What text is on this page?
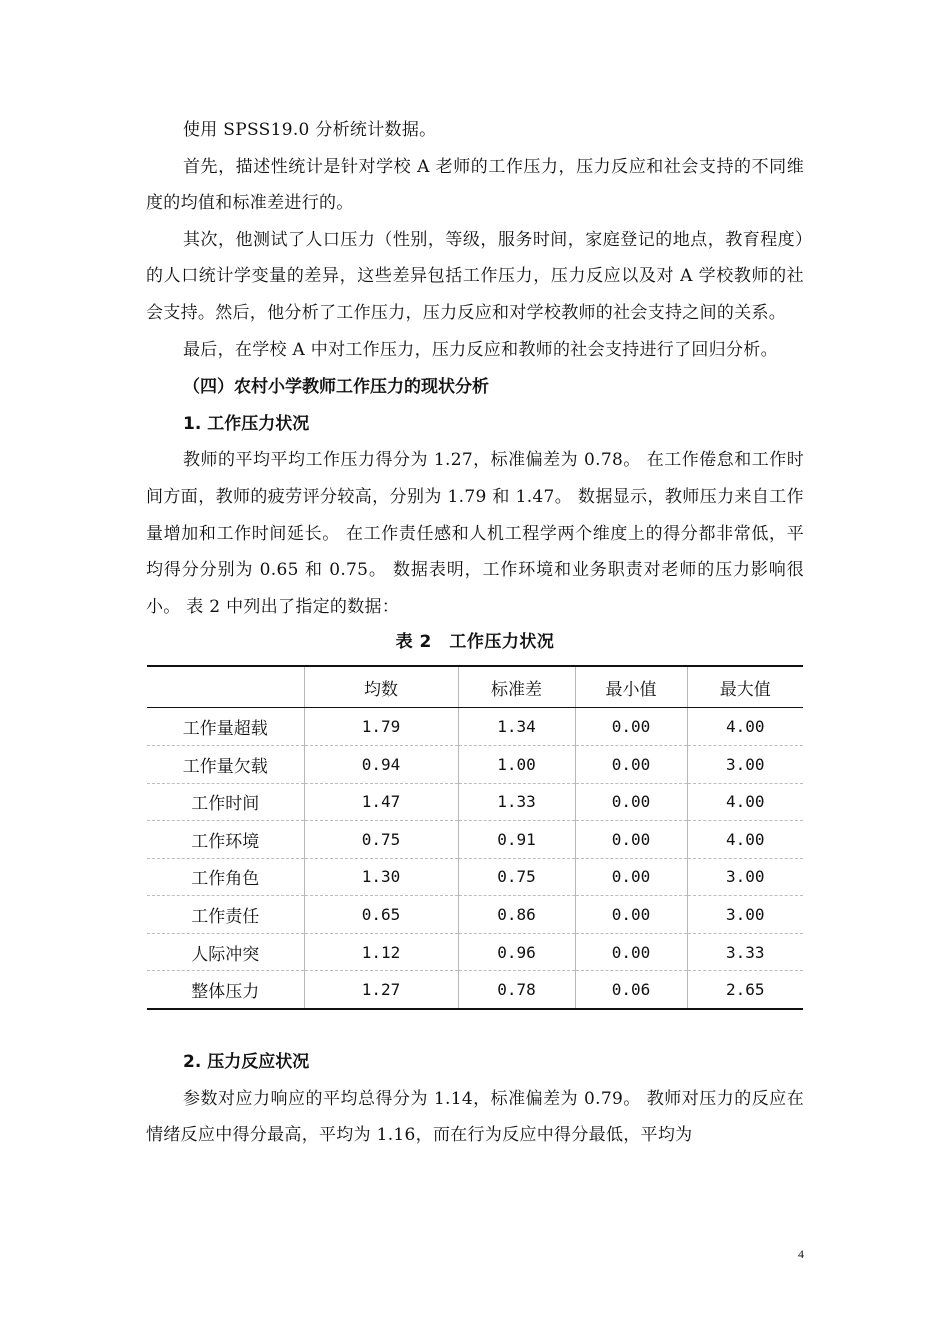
使用 SPSS19.0 分析统计数据。

首先，描述性统计是针对学校 A 老师的工作压力，压力反应和社会支持的不同维度的均值和标准差进行的。

其次，他测试了人口压力（性别，等级，服务时间，家庭登记的地点，教育程度）的人口统计学变量的差异，这些差异包括工作压力，压力反应以及对 A 学校教师的社会支持。然后，他分析了工作压力，压力反应和对学校教师的社会支持之间的关系。

最后，在学校 A 中对工作压力，压力反应和教师的社会支持进行了回归分析。

（四）农村小学教师工作压力的现状分析
1. 工作压力状况

教师的平均平均工作压力得分为 1.27，标准偏差为 0.78。 在工作倦怠和工作时间方面，教师的疲劳评分较高，分别为 1.79 和 1.47。 数据显示，教师压力来自工作量增加和工作时间延长。 在工作责任感和人机工程学两个维度上的得分都非常低，平均得分分别为 0.65 和 0.75。 数据表明，工作环境和业务职责对老师的压力影响很小。 表 2 中列出了指定的数据：

表 2　工作压力状况
	均数	标准差	最小值	最大值
工作量超载	1.79	1.34	0.00	4.00
工作量欠载	0.94	1.00	0.00	3.00
工作时间	1.47	1.33	0.00	4.00
工作环境	0.75	0.91	0.00	4.00
工作角色	1.30	0.75	0.00	3.00
工作责任	0.65	0.86	0.00	3.00
人际冲突	1.12	0.96	0.00	3.33
整体压力	1.27	0.78	0.06	2.65
2. 压力反应状况

参数对应力响应的平均总得分为 1.14，标准偏差为 0.79。 教师对压力的反应在情绪反应中得分最高，平均为 1.16，而在行为反应中得分最低，平均为

4
